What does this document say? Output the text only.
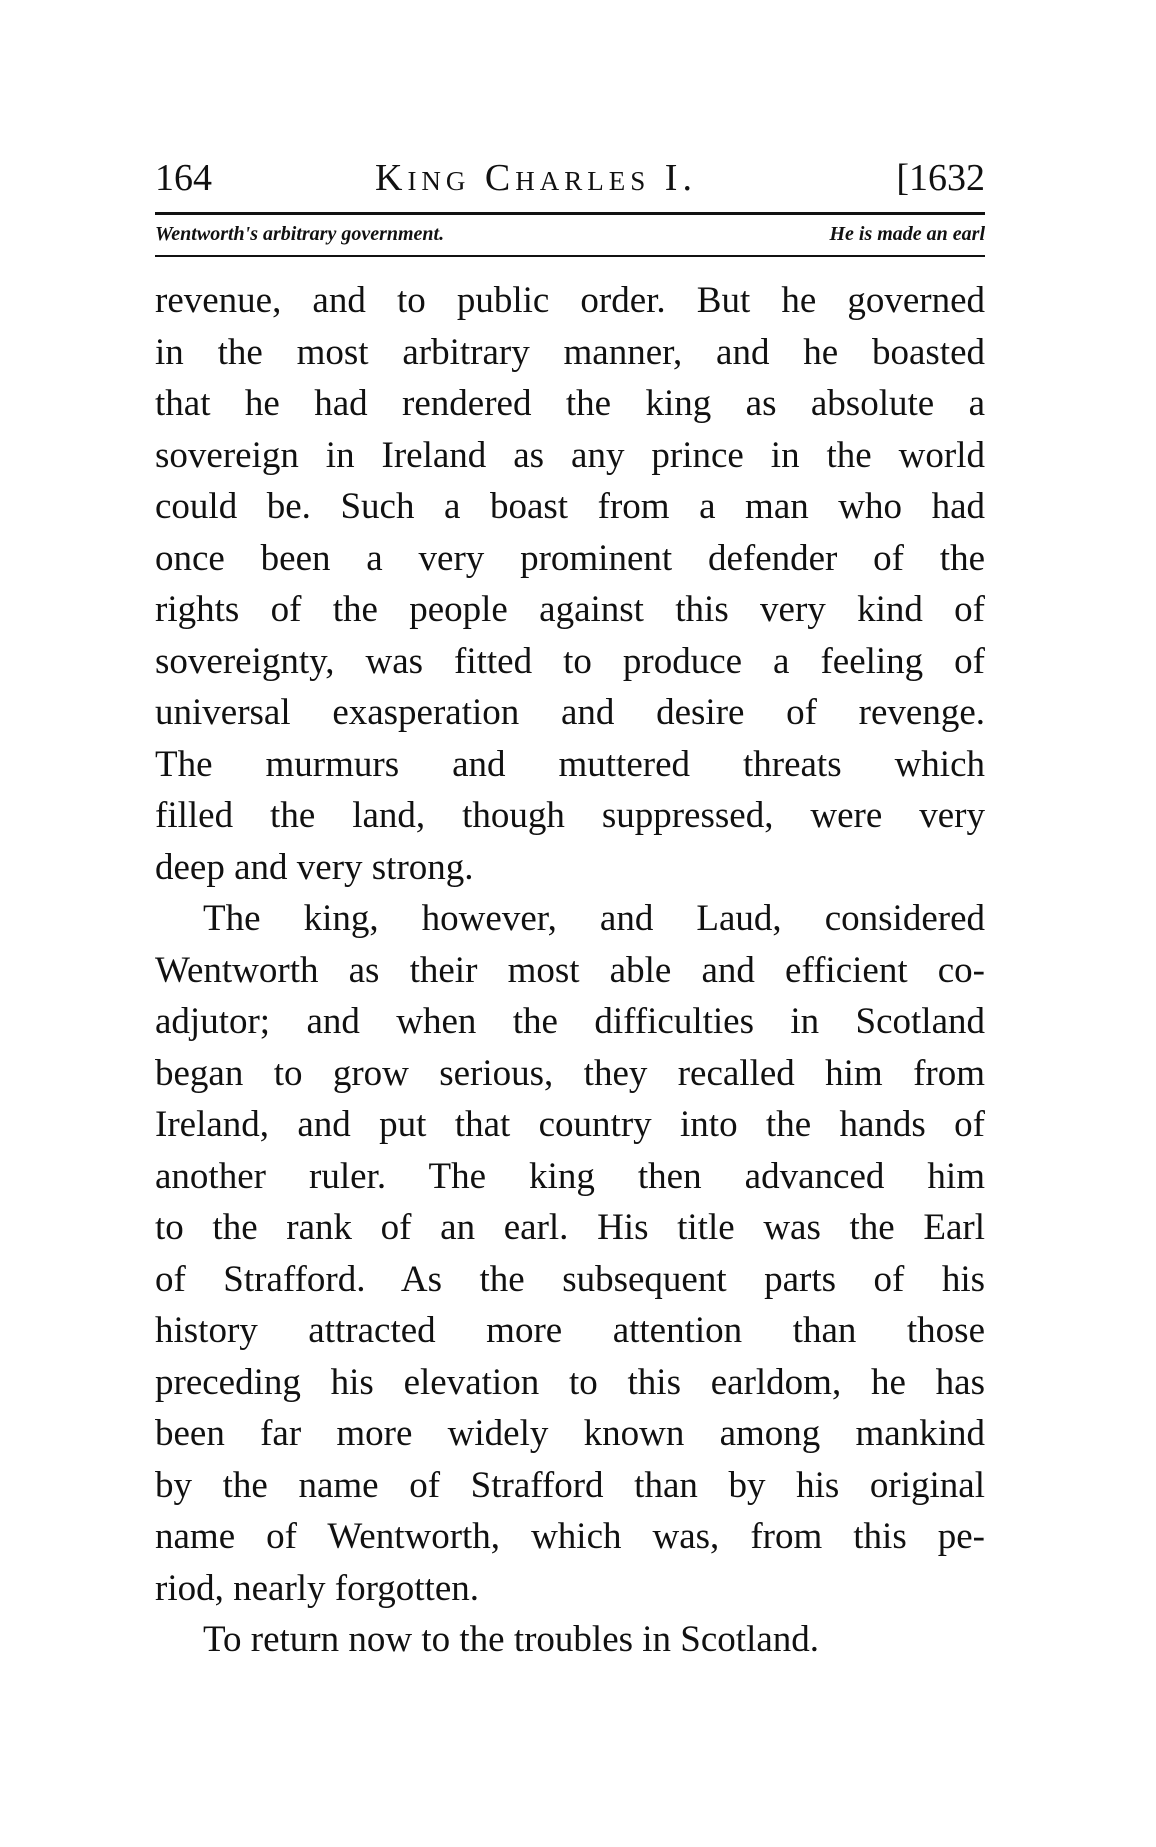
164	King Charles I.	[1632
Wentworth's arbitrary government.	He is made an earl
revenue, and to public order. But he governed
in the most arbitrary manner, and he boasted
that he had rendered the king as absolute a
sovereign in Ireland as any prince in the world
could be. Such a boast from a man who had
once been a very prominent defender of the
rights of the people against this very kind of
sovereignty, was fitted to produce a feeling of
universal exasperation and desire of revenge.
The murmurs and muttered threats which
filled the land, though suppressed, were very
deep and very strong.
The king, however, and Laud, considered
Wentworth as their most able and efficient co-
adjutor; and when the difficulties in Scotland
began to grow serious, they recalled him from
Ireland, and put that country into the hands of
another ruler. The king then advanced him
to the rank of an earl. His title was the Earl
of Strafford. As the subsequent parts of his
history attracted more attention than those
preceding his elevation to this earldom, he has
been far more widely known among mankind
by the name of Strafford than by his original
name of Wentworth, which was, from this pe-
riod, nearly forgotten.
To return now to the troubles in Scotland.
